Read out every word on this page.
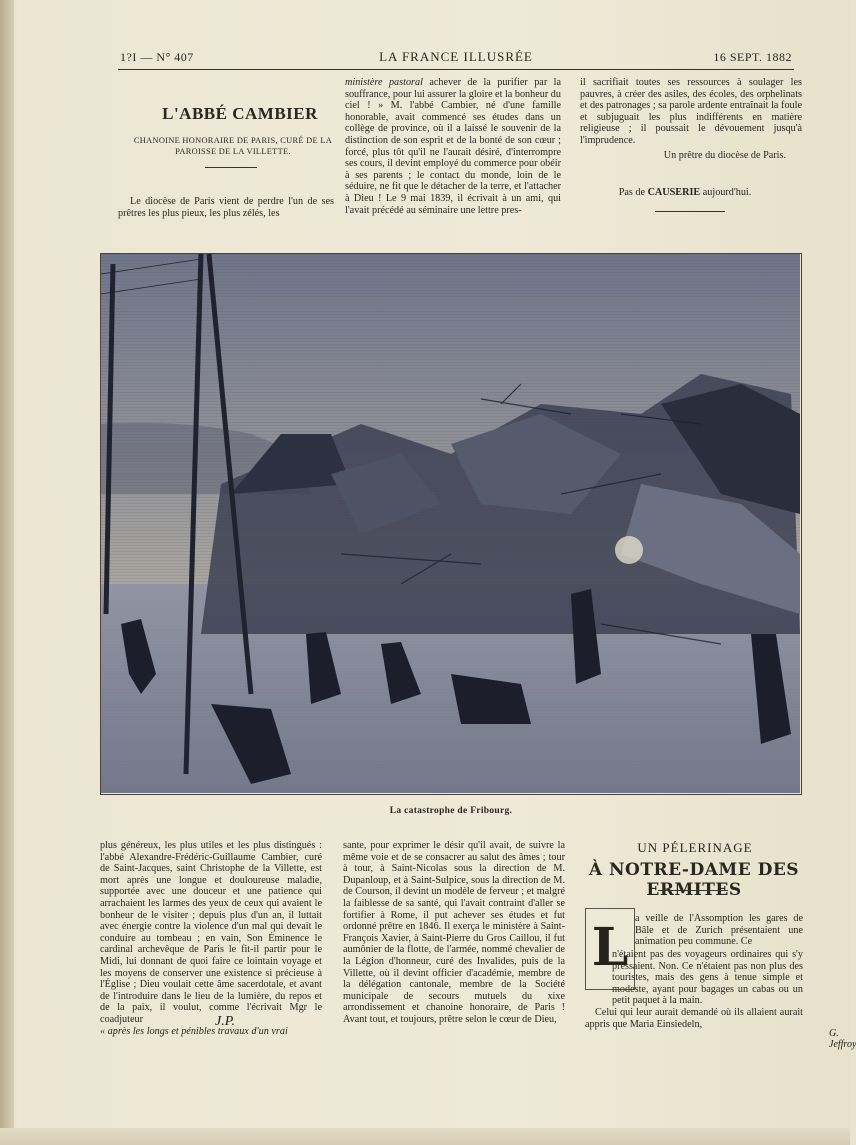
1?I — N° 407	LA FRANCE ILLUSRÉE	16 SEPT. 1882
L'ABBÉ CAMBIER
CHANOINE HONORAIRE DE PARIS, CURÉ DE LA PAROISSE DE LA VILLETTE.

Le diocèse de Paris vient de perdre l'un de ses prêtres les plus pieux, les plus zélés, les

ministère pastoral achever de la purifier par la souffrance, pour lui assurer la gloire et la bonheur du ciel ! » M. l'abbé Cambier, né d'une famille honorable, avait commencé ses études dans un collège de province, où il a laissé le souvenir de la distinction de son esprit et de la bonté de son cœur ; forcé, plus tôt qu'il ne l'aurait désiré, d'interrompre ses cours, il devint employé du commerce pour obéir à ses parents ; le contact du monde, loin de le séduire, ne fit que le détacher de la terre, et l'attacher à Dieu ! Le 9 mai 1839, il écrivait à un ami, qui l'avait précédé au séminaire une lettre pres-

il sacrifiait toutes ses ressources à soulager les pauvres, à créer des asiles, des écoles, des orphelinats et des patronages ; sa parole ardente entraînait la foule et subjuguait les plus indifférents en matière religieuse ; il poussait le dévouement jusqu'à l'imprudence.

Un prêtre du diocèse de Paris.
Pas de CAUSERIE aujourd'hui.
J.P.
G. Jeffroy
La catastrophe de Fribourg.

plus généreux, les plus utiles et les plus distingués : l'abbé Alexandre-Frédéric-Guillaume Cambier, curé de Saint-Jacques, saint Christophe de la Villette, est mort après une longue et douloureuse maladie, supportée avec une douceur et une patience qui arrachaient les larmes des yeux de ceux qui avaient le bonheur de le visiter ; depuis plus d'un an, il luttait avec énergie contre la violence d'un mal qui devait le conduire au tombeau ; en vain, Son Éminence le cardinal archevêque de Paris le fit-il partir pour le Midi, lui donnant de quoi faire ce lointain voyage et les moyens de conserver une existence si précieuse à l'Église ; Dieu voulait cette âme sacerdotale, et avant de l'introduire dans le lieu de la lumière, du repos et de la paix, il voulut, comme l'écrivait Mgr le coadjuteur

« après les longs et pénibles travaux d'un vrai

sante, pour exprimer le désir qu'il avait, de suivre la même voie et de se consacrer au salut des âmes ; tour à tour, à Saint-Nicolas sous la direction de M. Dupanloup, et à Saint-Sulpice, sous la direction de M. de Courson, il devint un modèle de ferveur ; et malgré la faiblesse de sa santé, qui l'avait contraint d'aller se fortifier à Rome, il put achever ses études et fut ordonné prêtre en 1846. Il exerça le ministère à Saint-François Xavier, à Saint-Pierre du Gros Caillou, il fut aumônier de la flotte, de l'armée, nommé chevalier de la Légion d'honneur, curé des Invalides, puis de la Villette, où il devint officier d'académie, membre de la délégation cantonale, membre de la Société municipale de secours mutuels du xixe arrondissement et chanoine honoraire, de Paris ! Avant tout, et toujours, prêtre selon le cœur de Dieu,

UN PÉLERINAGE
À NOTRE-DAME DES ERMITES
L a veille de l'Assomption les gares de Bâle et de Zurich présentaient une animation peu commune. Ce

n'étaient pas des voyageurs ordinaires qui s'y pressaient. Non. Ce n'étaient pas non plus des touristes, mais des gens à tenue simple et modeste, ayant pour bagages un cabas ou un petit paquet à la main.

Celui qui leur aurait demandé où ils allaient aurait appris que Maria Einsiedeln,
